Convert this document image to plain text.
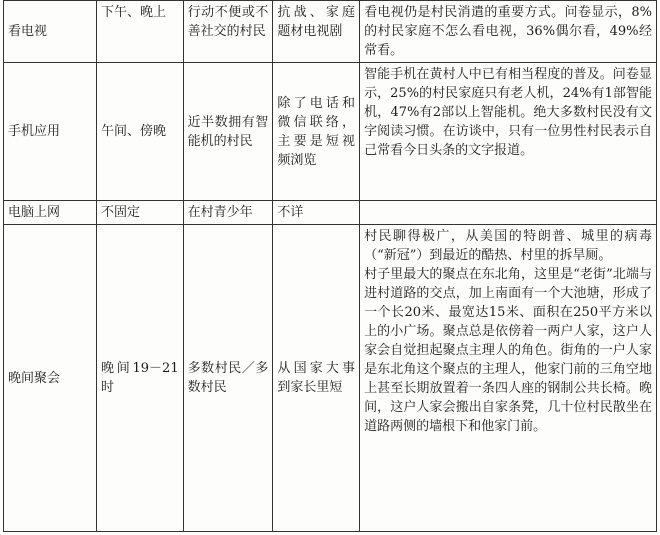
看电视	下午、晚上	行动不便或不善社交的村民	抗战、家庭题材电视剧	看电视仍是村民消遣的重要方式。问卷显示，8%的村民家庭不怎么看电视，36%偶尔看，49%经常看。

手机应用	午间、傍晚	近半数拥有智能机的村民	除了电话和微信联络，主要是短视频浏览	智能手机在黄村人中已有相当程度的普及。问卷显示，25%的村民家庭只有老人机，24%有1部智能机，47%有2部以上智能机。绝大多数村民没有文字阅读习惯。在访谈中，只有一位男性村民表示自己常看今日头条的文字报道。

电脑上网	不固定	在村青少年	不详	

晚间聚会	晚间19－21时	多数村民／多数村民	从国家大事到家长里短	村民聊得极广，从美国的特朗普、城里的病毒（“新冠”）到最近的酷热、村里的拆旱厕。
村子里最大的聚点在东北角，这里是“老街”北端与进村道路的交点，加上南面有一个大池塘，形成了一个长20米、最宽达15米、面积在250平方米以上的小广场。聚点总是依傍着一两户人家，这户人家会自觉担起聚点主理人的角色。街角的一户人家是东北角这个聚点的主理人，他家门前的三角空地上甚至长期放置着一条四人座的钢制公共长椅。晚间，这户人家会搬出自家条凳，几十位村民散坐在道路两侧的墙根下和他家门前。
